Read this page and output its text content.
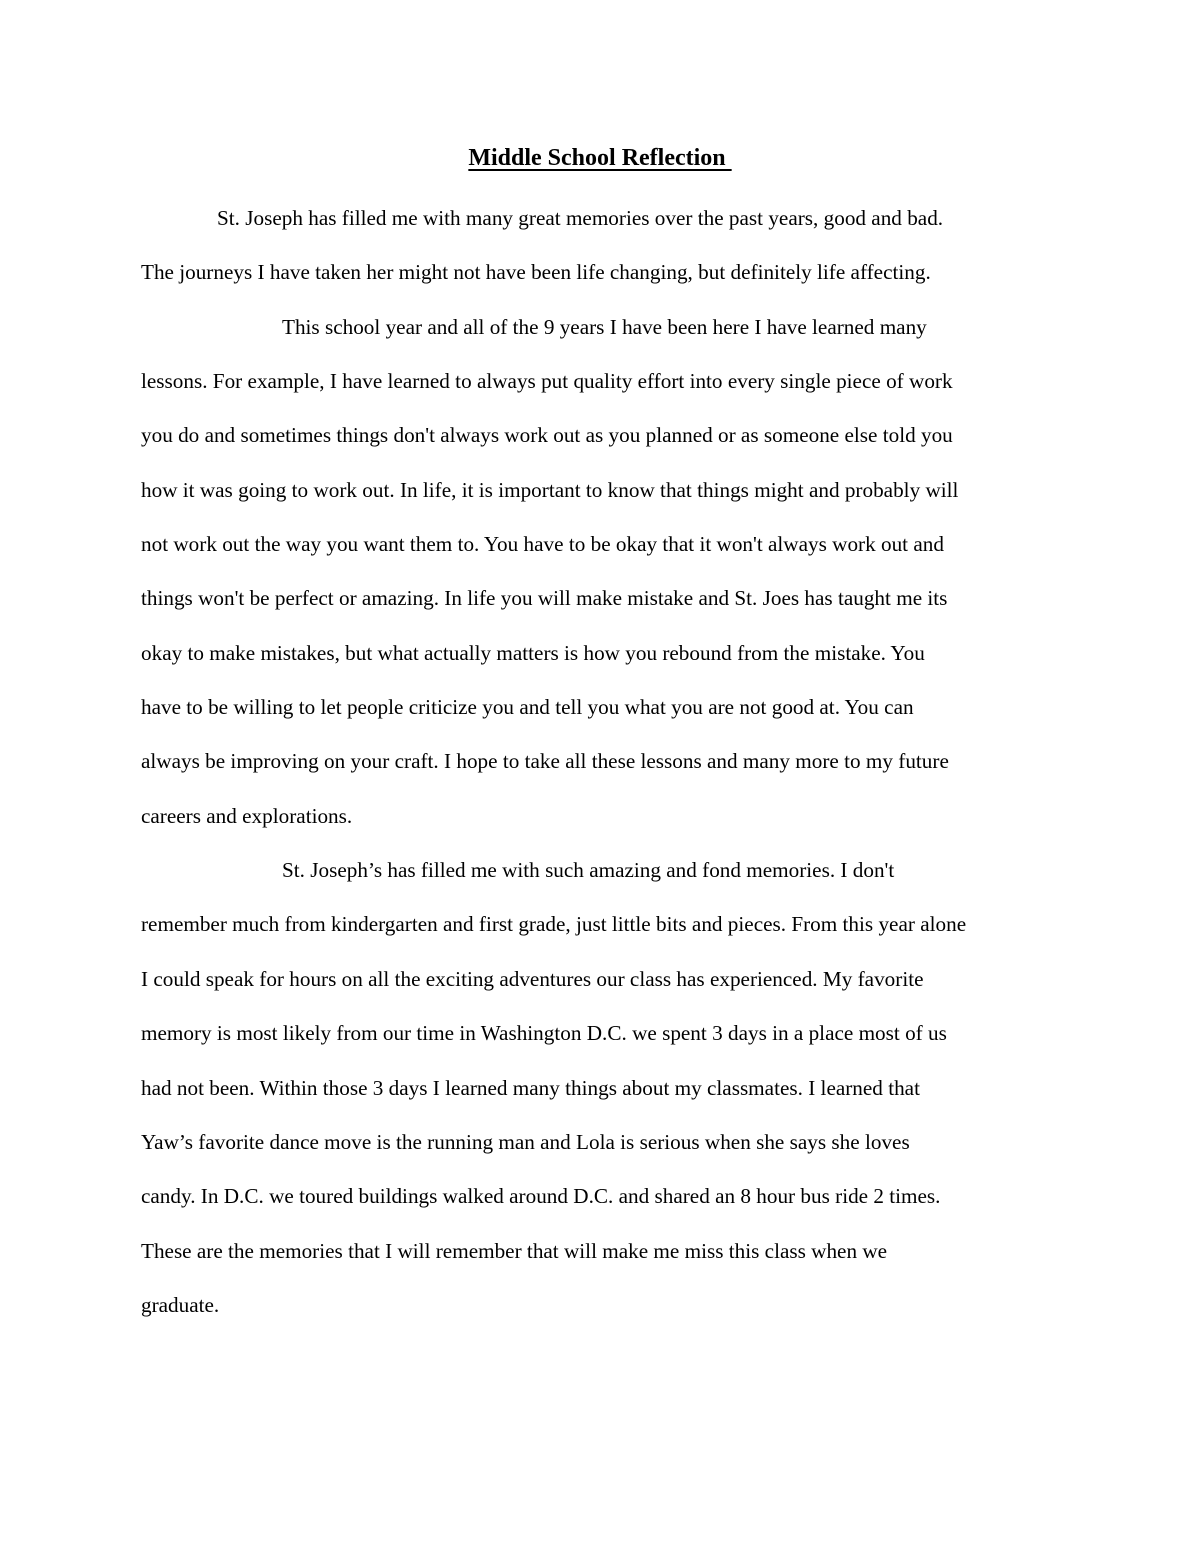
Middle School Reflection
St. Joseph has filled me with many great memories over the past years, good and bad.
The journeys I have taken her might not have been life changing, but definitely life affecting.
This school year and all of the 9 years I have been here I have learned many
lessons. For example, I have learned to always put quality effort into every single piece of work
you do and sometimes things don't always work out as you planned or as someone else told you
how it was going to work out. In life, it is important to know that things might and probably will
not work out the way you want them to. You have to be okay that it won't always work out and
things won't be perfect or amazing. In life you will make mistake and St. Joes has taught me its
okay to make mistakes, but what actually matters is how you rebound from the mistake. You
have to be willing to let people criticize you and tell you what you are not good at. You can
always be improving on your craft. I hope to take all these lessons and many more to my future
careers and explorations.
St. Joseph’s has filled me with such amazing and fond memories. I don't
remember much from kindergarten and first grade, just little bits and pieces. From this year alone
I could speak for hours on all the exciting adventures our class has experienced. My favorite
memory is most likely from our time in Washington D.C. we spent 3 days in a place most of us
had not been. Within those 3 days I learned many things about my classmates. I learned that
Yaw’s favorite dance move is the running man and Lola is serious when she says she loves
candy. In D.C. we toured buildings walked around D.C. and shared an 8 hour bus ride 2 times.
These are the memories that I will remember that will make me miss this class when we
graduate.
